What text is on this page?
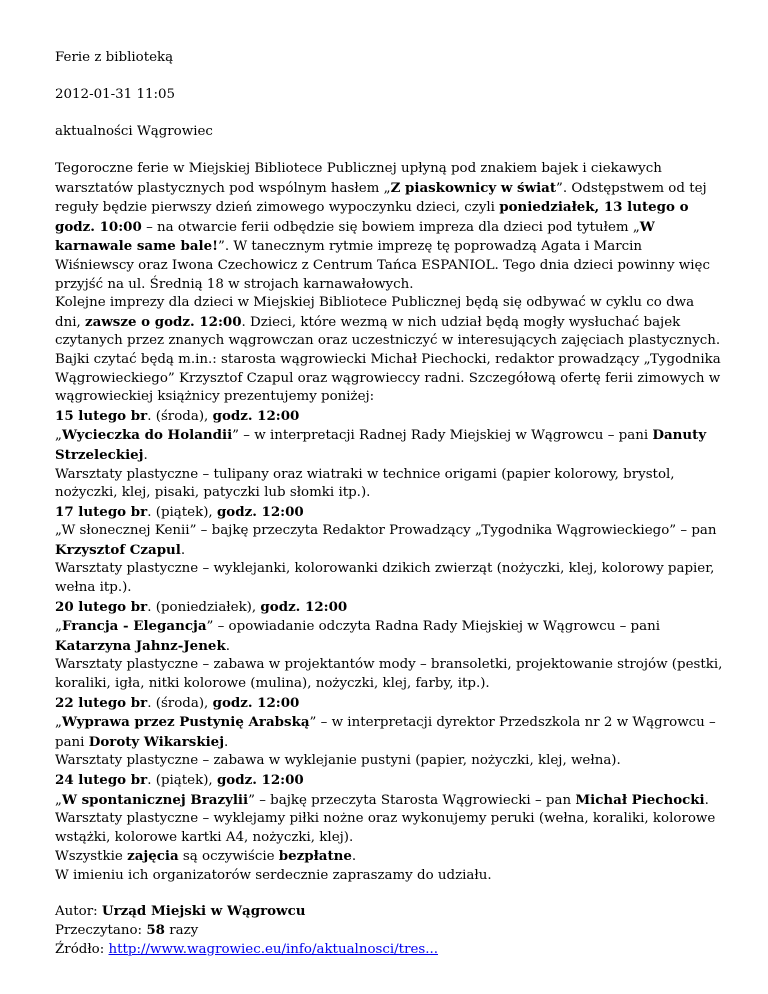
Ferie z biblioteką
2012-01-31 11:05
aktualności Wągrowiec
Tegoroczne ferie w Miejskiej Bibliotece Publicznej upłyną pod znakiem bajek i ciekawych warsztatów plastycznych pod wspólnym hasłem „Z piaskownicy w świat”. Odstępstwem od tej reguły będzie pierwszy dzień zimowego wypoczynku dzieci, czyli poniedziałek, 13 lutego o godz. 10:00 – na otwarcie ferii odbędzie się bowiem impreza dla dzieci pod tytułem „W karnawale same bale!”. W tanecznym rytmie imprezę tę poprowadzą Agata i Marcin Wiśniewscy oraz Iwona Czechowicz z Centrum Tańca ESPANIOL. Tego dnia dzieci powinny więc przyjść na ul. Średnią 18 w strojach karnawałowych.
Kolejne imprezy dla dzieci w Miejskiej Bibliotece Publicznej będą się odbywać w cyklu co dwa dni, zawsze o godz. 12:00. Dzieci, które wezmą w nich udział będą mogły wysłuchać bajek czytanych przez znanych wągrowczan oraz uczestniczyć w interesujących zajęciach plastycznych. Bajki czytać będą m.in.: starosta wągrowiecki Michał Piechocki, redaktor prowadzący „Tygodnika Wągrowieckiego” Krzysztof Czapul oraz wągrowieccy radni. Szczegółową ofertę ferii zimowych w wągrowieckiej książnicy prezentujemy poniżej:
15 lutego br. (środa), godz. 12:00
„Wycieczka do Holandii” – w interpretacji Radnej Rady Miejskiej w Wągrowcu – pani Danuty Strzeleckiej.
Warsztaty plastyczne – tulipany oraz wiatraki w technice origami (papier kolorowy, brystol, nożyczki, klej, pisaki, patyczki lub słomki itp.).
17 lutego br. (piątek), godz. 12:00
„W słonecznej Kenii” – bajkę przeczyta Redaktor Prowadzący „Tygodnika Wągrowieckiego” – pan Krzysztof Czapul.
Warsztaty plastyczne – wyklejanki, kolorowanki dzikich zwierząt (nożyczki, klej, kolorowy papier, wełna itp.).
20 lutego br. (poniedziałek), godz. 12:00
„Francja - Elegancja” – opowiadanie odczyta Radna Rady Miejskiej w Wągrowcu – pani Katarzyna Jahnz-Jenek.
Warsztaty plastyczne – zabawa w projektantów mody – bransoletki, projektowanie strojów (pestki, koraliki, igła, nitki kolorowe (mulina), nożyczki, klej, farby, itp.).
22 lutego br. (środa), godz. 12:00
„Wyprawa przez Pustynię Arabską” – w interpretacji dyrektor Przedszkola nr 2 w Wągrowcu – pani Doroty Wikarskiej.
Warsztaty plastyczne – zabawa w wyklejanie pustyni (papier, nożyczki, klej, wełna).
24 lutego br. (piątek), godz. 12:00
„W spontanicznej Brazylii” – bajkę przeczyta Starosta Wągrowiecki – pan Michał Piechocki.
Warsztaty plastyczne – wyklejamy piłki nożne oraz wykonujemy peruki (wełna, koraliki, kolorowe wstążki, kolorowe kartki A4, nożyczki, klej).
Wszystkie zajęcia są oczywiście bezpłatne.
W imieniu ich organizatorów serdecznie zapraszamy do udziału.
Autor: Urząd Miejski w Wągrowcu
Przeczytano: 58 razy
Źródło: http://www.wagrowiec.eu/info/aktualnosci/tres...
